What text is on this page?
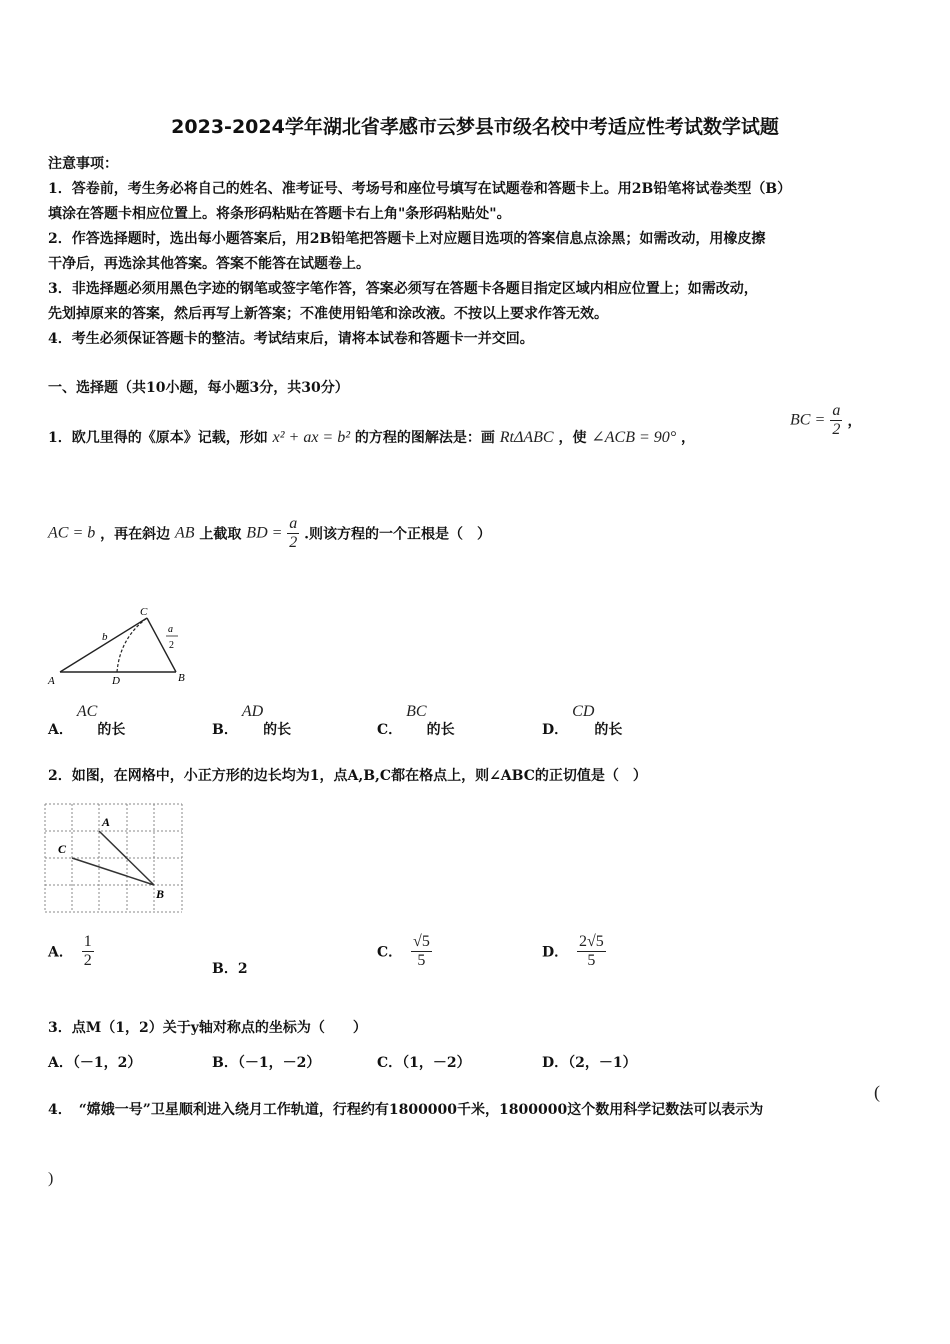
2023-2024学年湖北省孝感市云梦县市级名校中考适应性考试数学试题
注意事项：
1．答卷前，考生务必将自己的姓名、准考证号、考场号和座位号填写在试题卷和答题卡上。用2B铅笔将试卷类型（B）
填涂在答题卡相应位置上。将条形码粘贴在答题卡右上角"条形码粘贴处"。
2．作答选择题时，选出每小题答案后，用2B铅笔把答题卡上对应题目选项的答案信息点涂黑；如需改动，用橡皮擦
干净后，再选涂其他答案。答案不能答在试题卷上。
3．非选择题必须用黑色字迹的钢笔或签字笔作答，答案必须写在答题卡各题目指定区域内相应位置上；如需改动，
先划掉原来的答案，然后再写上新答案；不准使用铅笔和涂改液。不按以上要求作答无效。
4．考生必须保证答题卡的整洁。考试结束后，请将本试卷和答题卡一并交回。
一、选择题（共10小题，每小题3分，共30分）
1．欧几里得的《原本》记载，形如 x² + ax = b² 的方程的图解法是：画 RtΔABC ，使 ∠ACB = 90° ，
BC = $\frac{a}{2}$ ，
AC = b ，再在斜边 AB 上截取 BD = $\frac{a}{2}$ .则该方程的一个正根是（　）
A	D	B
C
b
a
2
A．AC的长	B．AD的长	C．BC的长	D．CD的长
2．如图，在网格中，小正方形的边长均为1，点A,B,C都在格点上，则∠ABC的正切值是（　）
A
C
B
A． $\frac{1}{2}$	B．2
C． $\frac{√5}{5}$	D． $\frac{2√5}{5}$
3．点M（1，2）关于y轴对称点的坐标为（　　）
A．（－1，2）	B．（－1，－2）	C．（1，－2）	D．（2，－1）
4．　“嫦娥一号”卫星顺利进入绕月工作轨道，行程约有1800000千米，1800000这个数用科学记数法可以表示为
(
)
